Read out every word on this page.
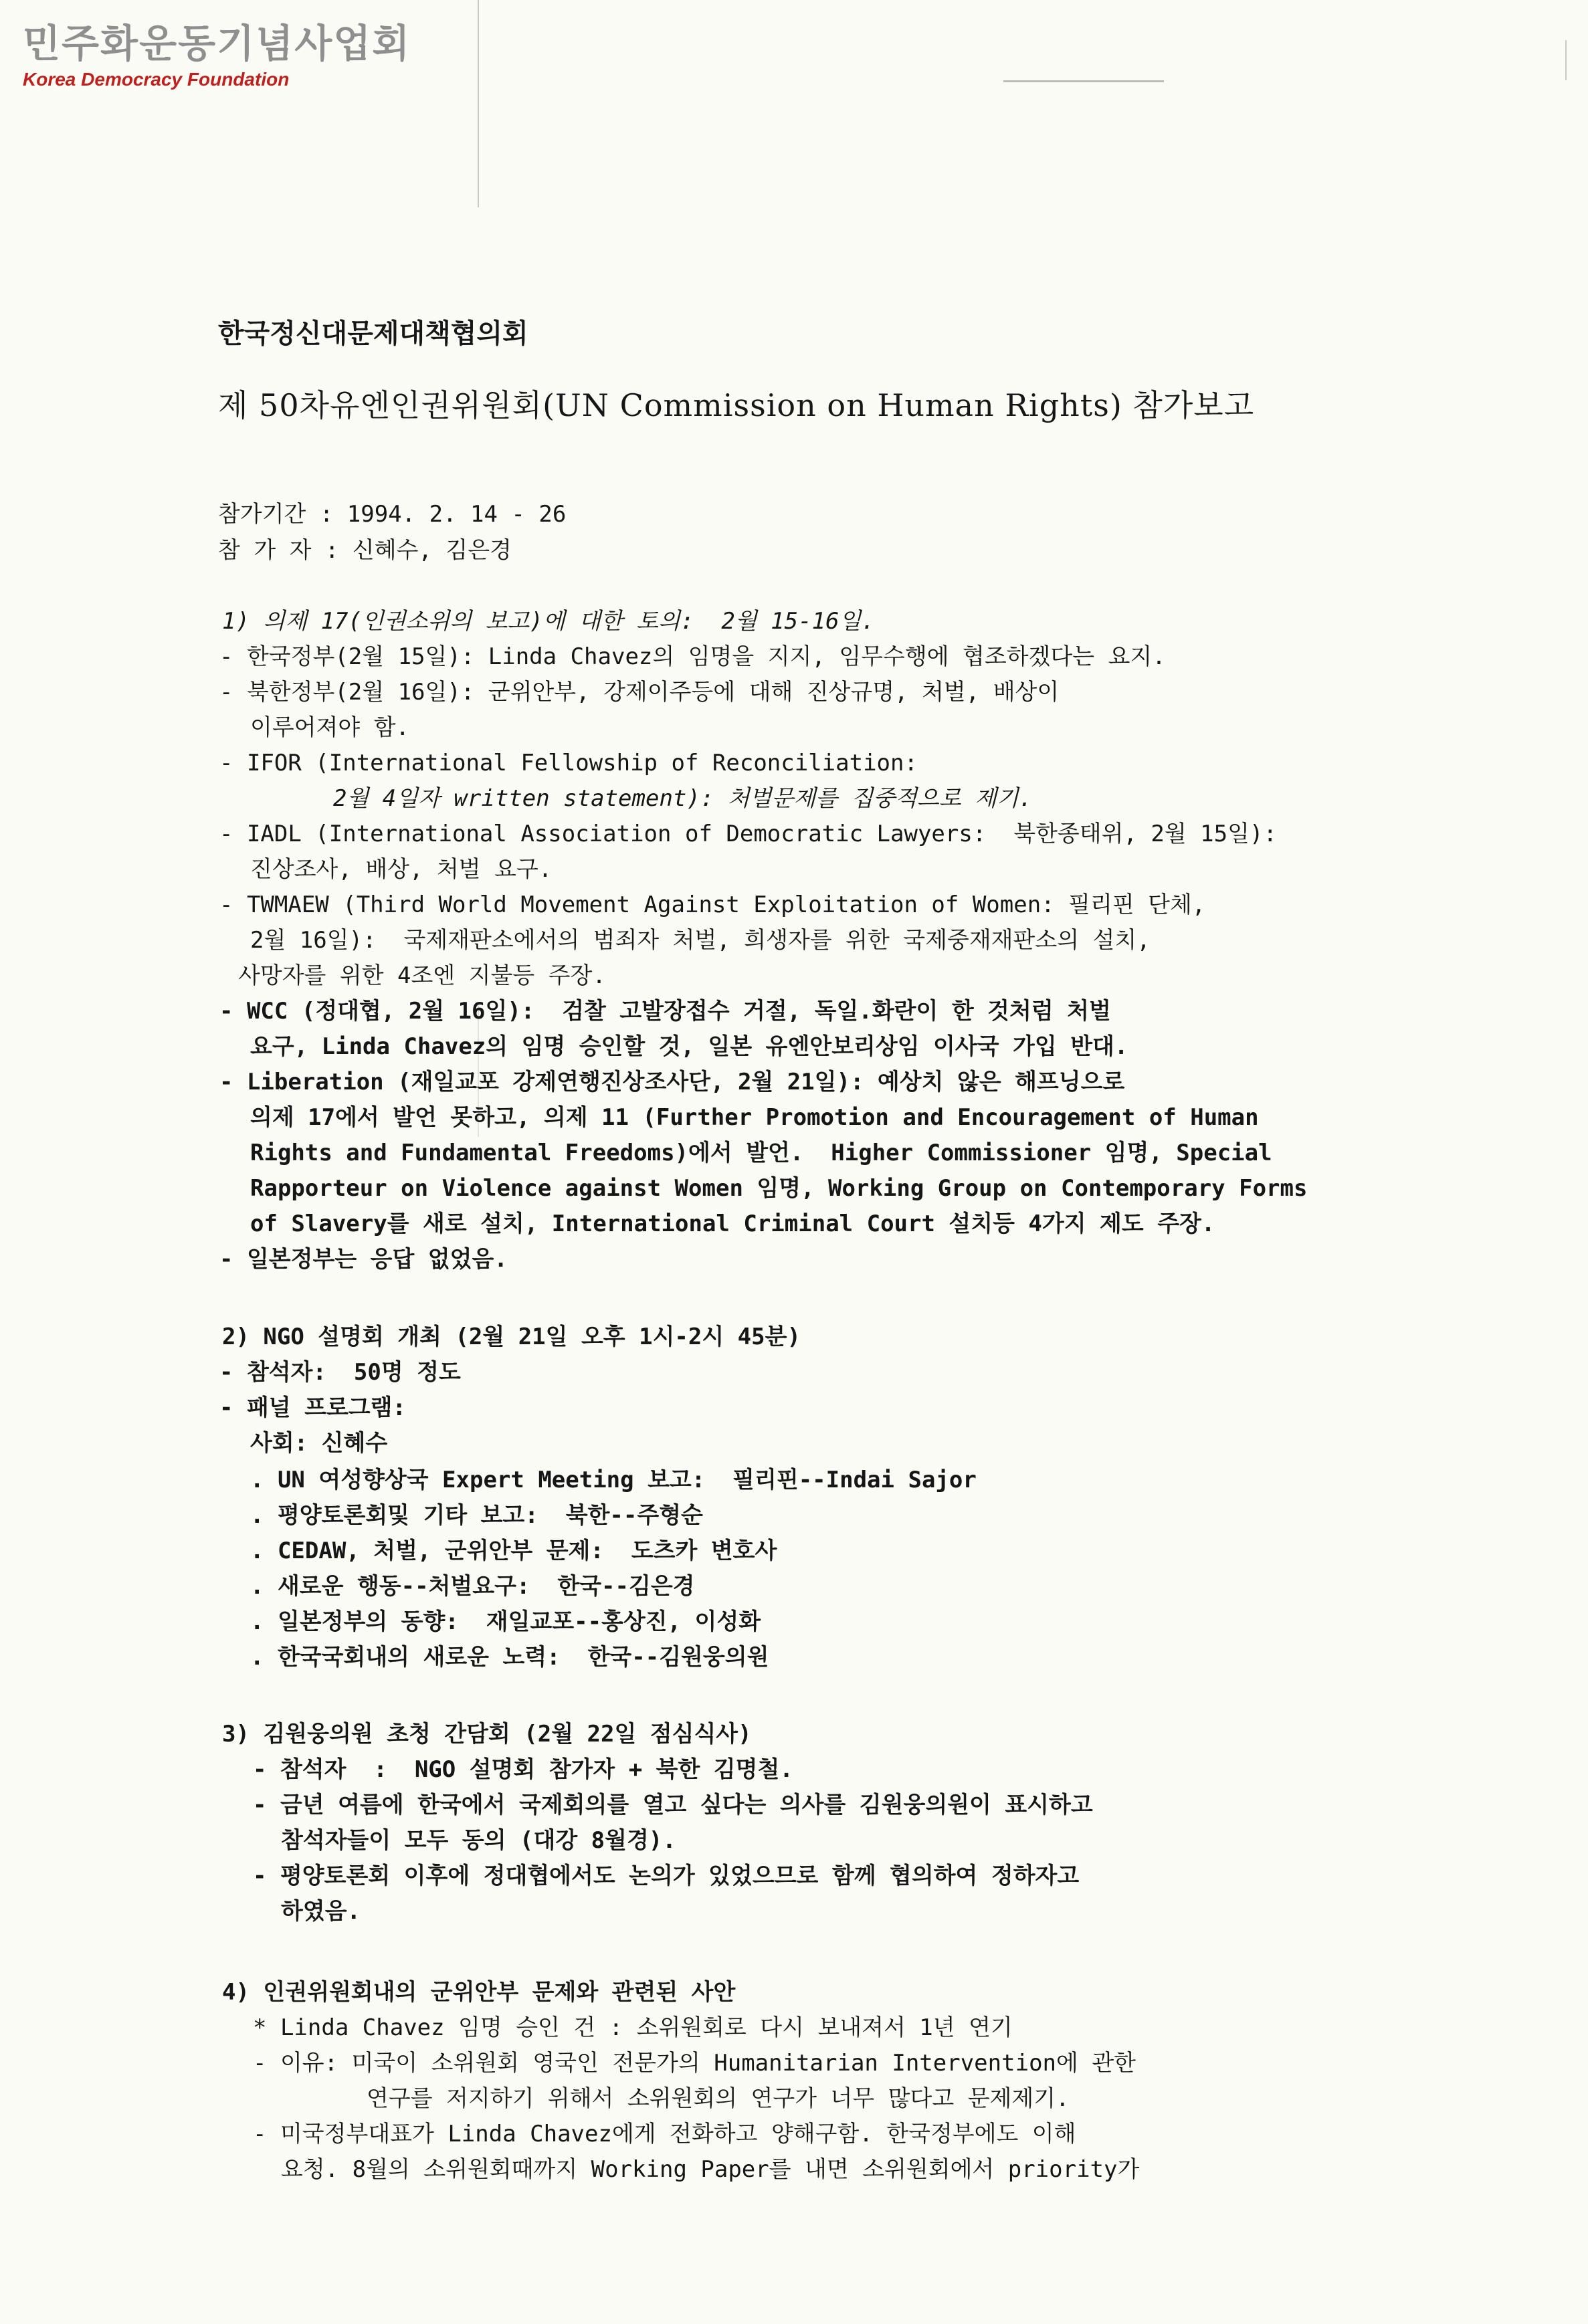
민주화운동기념사업회
Korea Democracy Foundation
한국정신대문제대책협의회
제 50차유엔인권위원회(UN Commission on Human Rights) 참가보고
참가기간 : 1994. 2. 14 - 26
참 가 자 : 신혜수, 김은경
1) 의제 17(인권소위의 보고)에 대한 토의:  2월 15-16일.
- 한국정부(2월 15일): Linda Chavez의 임명을 지지, 임무수행에 협조하겠다는 요지.
- 북한정부(2월 16일): 군위안부, 강제이주등에 대해 진상규명, 처벌, 배상이
이루어져야 함.
- IFOR (International Fellowship of Reconciliation:
2월 4일자 written statement): 처벌문제를 집중적으로 제기.
- IADL (International Association of Democratic Lawyers:  북한종태위, 2월 15일):
진상조사, 배상, 처벌 요구.
- TWMAEW (Third World Movement Against Exploitation of Women: 필리핀 단체,
2월 16일):  국제재판소에서의 범죄자 처벌, 희생자를 위한 국제중재재판소의 설치,
사망자를 위한 4조엔 지불등 주장.
- WCC (정대협, 2월 16일):  검찰 고발장접수 거절, 독일.화란이 한 것처럼 처벌
요구, Linda Chavez의 임명 승인할 것, 일본 유엔안보리상임 이사국 가입 반대.
- Liberation (재일교포 강제연행진상조사단, 2월 21일): 예상치 않은 해프닝으로
의제 17에서 발언 못하고, 의제 11 (Further Promotion and Encouragement of Human
Rights and Fundamental Freedoms)에서 발언.  Higher Commissioner 임명, Special
Rapporteur on Violence against Women 임명, Working Group on Contemporary Forms
of Slavery를 새로 설치, International Criminal Court 설치등 4가지 제도 주장.
- 일본정부는 응답 없었음.
2) NGO 설명회 개최 (2월 21일 오후 1시-2시 45분)
- 참석자:  50명 정도
- 패널 프로그램:
사회: 신혜수
. UN 여성향상국 Expert Meeting 보고:  필리핀--Indai Sajor
. 평양토론회및 기타 보고:  북한--주형순
. CEDAW, 처벌, 군위안부 문제:  도츠카 변호사
. 새로운 행동--처벌요구:  한국--김은경
. 일본정부의 동향:  재일교포--홍상진, 이성화
. 한국국회내의 새로운 노력:  한국--김원웅의원
3) 김원웅의원 초청 간담회 (2월 22일 점심식사)
- 참석자  :  NGO 설명회 참가자 + 북한 김명철.
- 금년 여름에 한국에서 국제회의를 열고 싶다는 의사를 김원웅의원이 표시하고
참석자들이 모두 동의 (대강 8월경).
- 평양토론회 이후에 정대협에서도 논의가 있었으므로 함께 협의하여 정하자고
하였음.
4) 인권위원회내의 군위안부 문제와 관련된 사안
* Linda Chavez 임명 승인 건 : 소위원회로 다시 보내져서 1년 연기
- 이유: 미국이 소위원회 영국인 전문가의 Humanitarian Intervention에 관한
연구를 저지하기 위해서 소위원회의 연구가 너무 많다고 문제제기.
- 미국정부대표가 Linda Chavez에게 전화하고 양해구함. 한국정부에도 이해
요청. 8월의 소위원회때까지 Working Paper를 내면 소위원회에서 priority가
